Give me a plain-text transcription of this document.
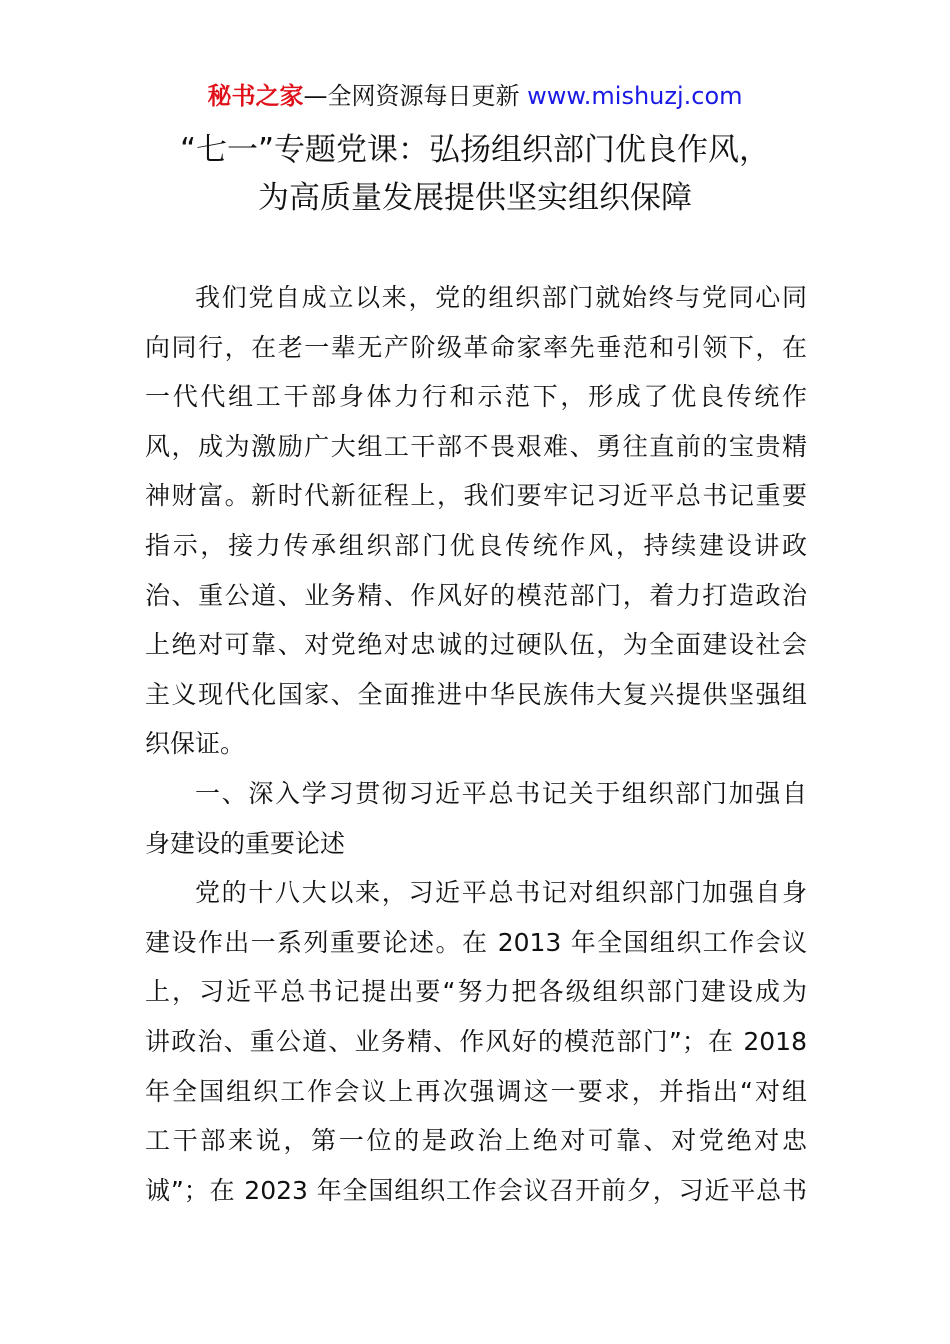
秘书之家—全网资源每日更新 www.mishuzj.com
“七一”专题党课：弘扬组织部门优良作风，
为高质量发展提供坚实组织保障
我们党自成立以来，党的组织部门就始终与党同心同
向同行，在老一辈无产阶级革命家率先垂范和引领下，在
一代代组工干部身体力行和示范下，形成了优良传统作
风，成为激励广大组工干部不畏艰难、勇往直前的宝贵精
神财富。新时代新征程上，我们要牢记习近平总书记重要
指示，接力传承组织部门优良传统作风，持续建设讲政
治、重公道、业务精、作风好的模范部门，着力打造政治
上绝对可靠、对党绝对忠诚的过硬队伍，为全面建设社会
主义现代化国家、全面推进中华民族伟大复兴提供坚强组
织保证。
一、深入学习贯彻习近平总书记关于组织部门加强自
身建设的重要论述
党的十八大以来，习近平总书记对组织部门加强自身
建设作出一系列重要论述。在 2013 年全国组织工作会议
上，习近平总书记提出要“努力把各级组织部门建设成为
讲政治、重公道、业务精、作风好的模范部门”；在 2018
年全国组织工作会议上再次强调这一要求，并指出“对组
工干部来说，第一位的是政治上绝对可靠、对党绝对忠
诚”；在 2023 年全国组织工作会议召开前夕，习近平总书
